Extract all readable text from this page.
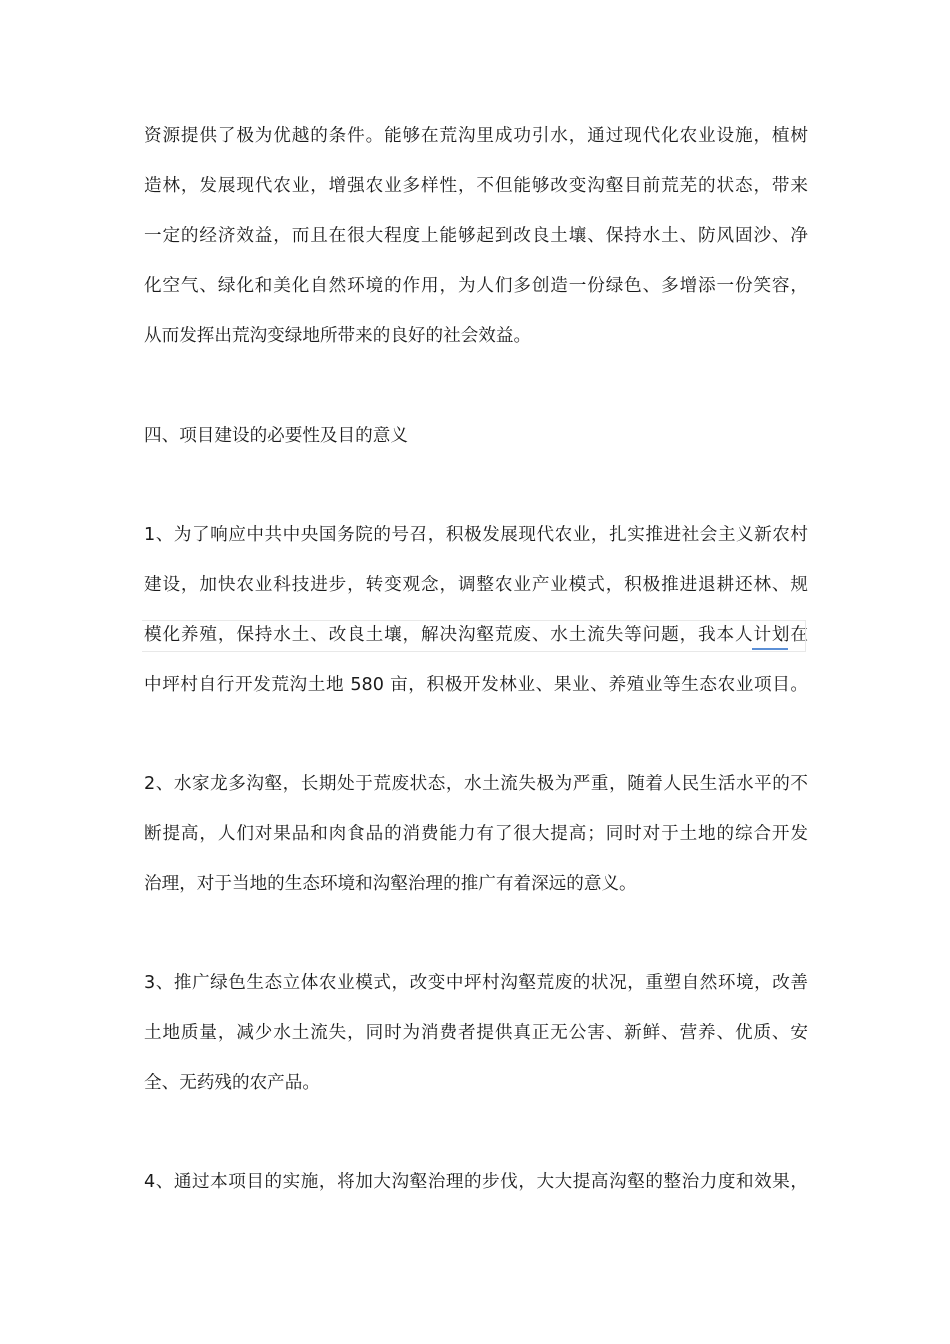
资源提供了极为优越的条件。能够在荒沟里成功引水，通过现代化农业设施，植树
造林，发展现代农业，增强农业多样性，不但能够改变沟壑目前荒芜的状态，带来
一定的经济效益，而且在很大程度上能够起到改良土壤、保持水土、防风固沙、净
化空气、绿化和美化自然环境的作用，为人们多创造一份绿色、多增添一份笑容，
从而发挥出荒沟变绿地所带来的良好的社会效益。
四、项目建设的必要性及目的意义
1、为了响应中共中央国务院的号召，积极发展现代农业，扎实推进社会主义新农村
建设，加快农业科技进步，转变观念，调整农业产业模式，积极推进退耕还林、规
模化养殖，保持水土、改良土壤，解决沟壑荒废、水土流失等问题，我本人计划在
中坪村自行开发荒沟土地 580 亩，积极开发林业、果业、养殖业等生态农业项目。
2、水家龙多沟壑，长期处于荒废状态，水土流失极为严重，随着人民生活水平的不
断提高，人们对果品和肉食品的消费能力有了很大提高；同时对于土地的综合开发
治理，对于当地的生态环境和沟壑治理的推广有着深远的意义。
3、推广绿色生态立体农业模式，改变中坪村沟壑荒废的状况，重塑自然环境，改善
土地质量，减少水土流失，同时为消费者提供真正无公害、新鲜、营养、优质、安
全、无药残的农产品。
4、通过本项目的实施，将加大沟壑治理的步伐，大大提高沟壑的整治力度和效果，
